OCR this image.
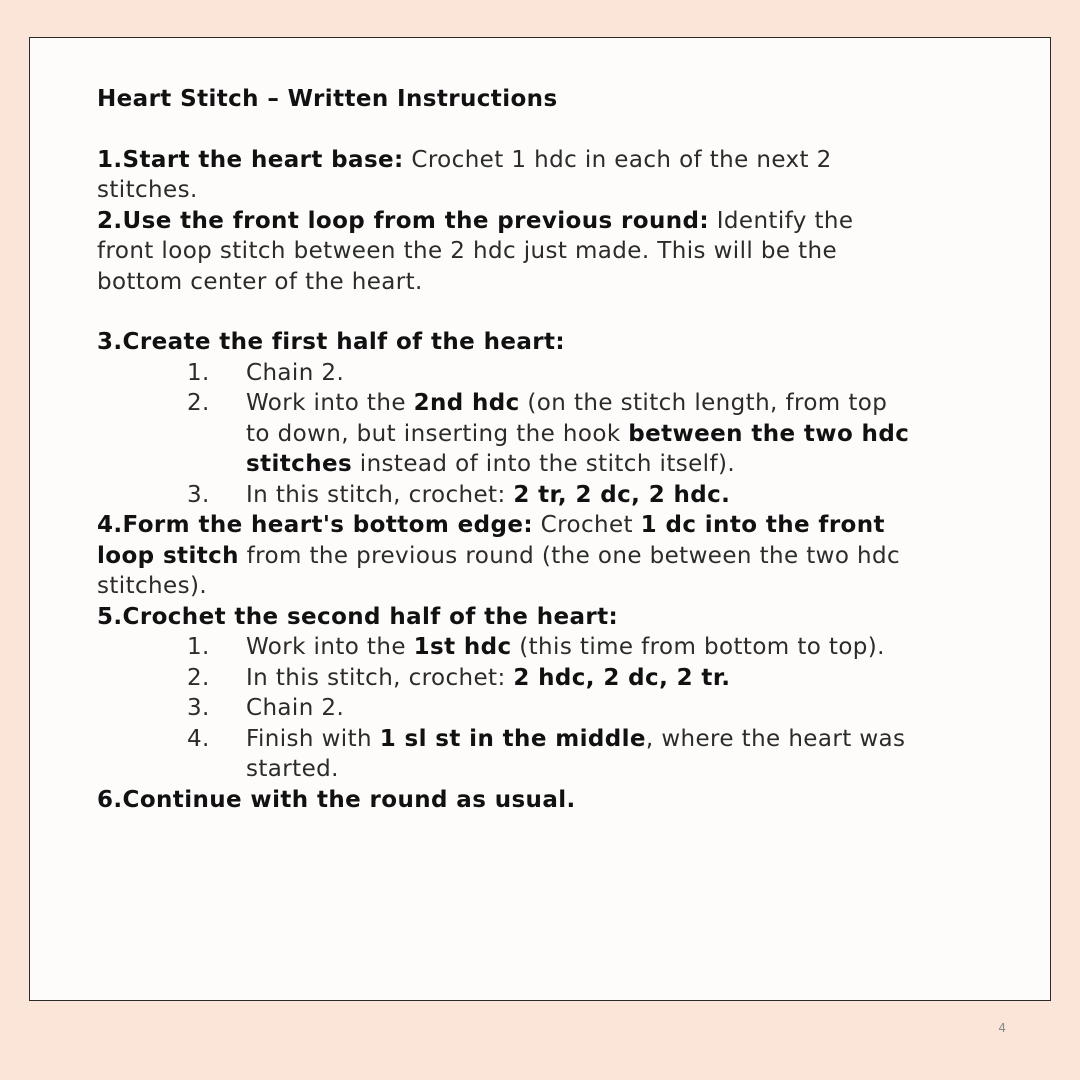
Heart Stitch – Written Instructions

1.Start the heart base: Crochet 1 hdc in each of the next 2 stitches.

2.Use the front loop from the previous round: Identify the front loop stitch between the 2 hdc just made. This will be the bottom center of the heart.

3.Create the first half of the heart:

1.	Chain 2.
2.	Work into the 2nd hdc (on the stitch length, from top to down, but inserting the hook between the two hdc stitches instead of into the stitch itself).
3.	In this stitch, crochet: 2 tr, 2 dc, 2 hdc.

4.Form the heart's bottom edge: Crochet 1 dc into the front loop stitch from the previous round (the one between the two hdc stitches).

5.Crochet the second half of the heart:

1.	Work into the 1st hdc (this time from bottom to top).
2.	In this stitch, crochet: 2 hdc, 2 dc, 2 tr.
3.	Chain 2.
4.	Finish with 1 sl st in the middle, where the heart was started.

6.Continue with the round as usual.

4
